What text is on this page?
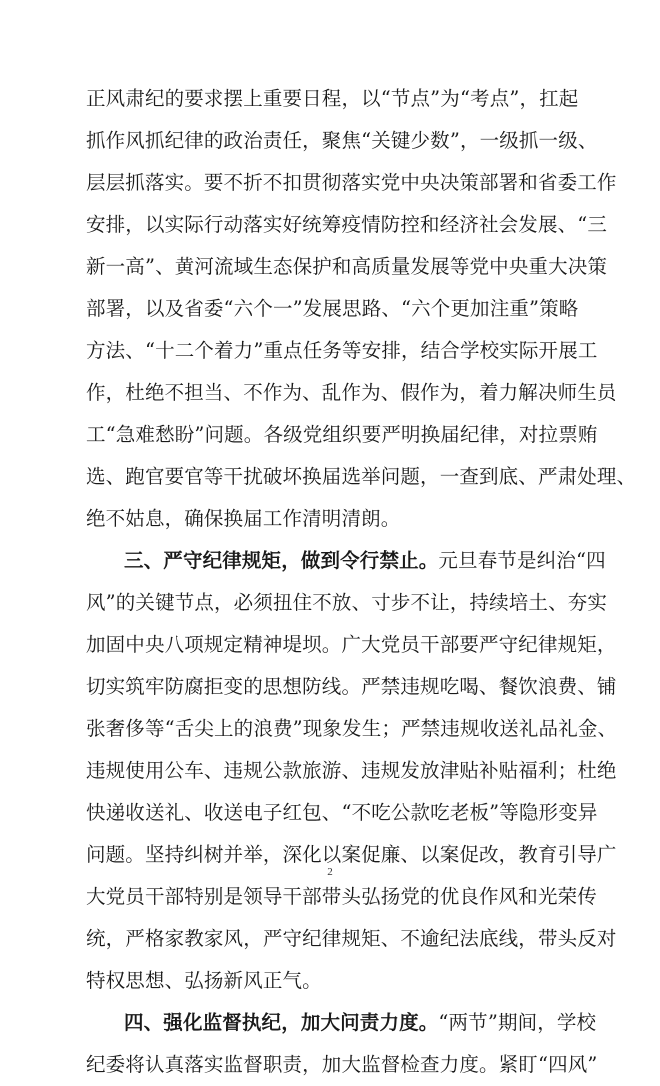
正风肃纪的要求摆上重要日程，以“节点”为“考点”，扛起
抓作风抓纪律的政治责任，聚焦“关键少数”，一级抓一级、
层层抓落实。要不折不扣贯彻落实党中央决策部署和省委工作
安排，以实际行动落实好统筹疫情防控和经济社会发展、“三
新一高”、黄河流域生态保护和高质量发展等党中央重大决策
部署，以及省委“六个一”发展思路、“六个更加注重”策略
方法、“十二个着力”重点任务等安排，结合学校实际开展工
作，杜绝不担当、不作为、乱作为、假作为，着力解决师生员
工“急难愁盼”问题。各级党组织要严明换届纪律，对拉票贿
选、跑官要官等干扰破坏换届选举问题，一查到底、严肃处理、
绝不姑息，确保换届工作清明清朗。
三、严守纪律规矩，做到令行禁止。元旦春节是纠治“四
风”的关键节点，必须扭住不放、寸步不让，持续培土、夯实
加固中央八项规定精神堤坝。广大党员干部要严守纪律规矩，
切实筑牢防腐拒变的思想防线。严禁违规吃喝、餐饮浪费、铺
张奢侈等“舌尖上的浪费”现象发生；严禁违规收送礼品礼金、
违规使用公车、违规公款旅游、违规发放津贴补贴福利；杜绝
快递收送礼、收送电子红包、“不吃公款吃老板”等隐形变异
问题。坚持纠树并举，深化以案促廉、以案促改，教育引导广
大党员干部特别是领导干部带头弘扬党的优良作风和光荣传
统，严格家教家风，严守纪律规矩、不逾纪法底线，带头反对
特权思想、弘扬新风正气。
四、强化监督执纪，加大问责力度。“两节”期间，学校
纪委将认真落实监督职责，加大监督检查力度。紧盯“四风”
2
